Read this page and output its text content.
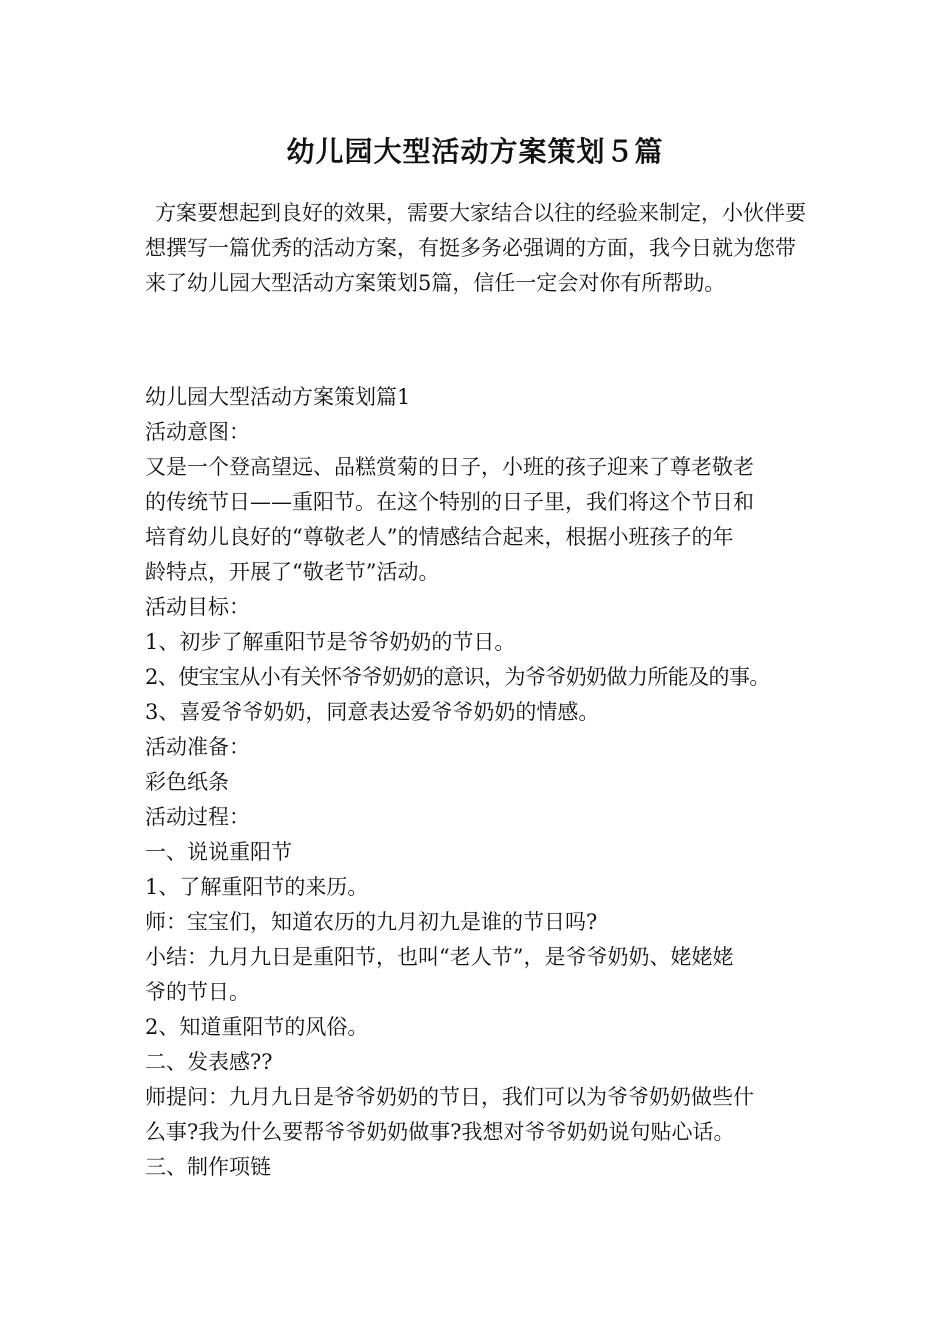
幼儿园大型活动方案策划５篇

方案要想起到良好的效果，需要大家结合以往的经验来制定，小伙伴要想撰写一篇优秀的活动方案，有挺多务必强调的方面，我今日就为您带来了幼儿园大型活动方案策划5篇，信任一定会对你有所帮助。

幼儿园大型活动方案策划篇1
活动意图：
又是一个登高望远、品糕赏菊的日子，小班的孩子迎来了尊老敬老
的传统节日——重阳节。在这个特别的日子里，我们将这个节日和
培育幼儿良好的“尊敬老人”的情感结合起来，根据小班孩子的年
龄特点，开展了“敬老节”活动。
活动目标：
1、初步了解重阳节是爷爷奶奶的节日。
2、使宝宝从小有关怀爷爷奶奶的意识，为爷爷奶奶做力所能及的事。
3、喜爱爷爷奶奶，同意表达爱爷爷奶奶的情感。
活动准备：
彩色纸条
活动过程：
一、说说重阳节
1、了解重阳节的来历。
师：宝宝们，知道农历的九月初九是谁的节日吗?
小结：九月九日是重阳节，也叫“老人节”，是爷爷奶奶、姥姥姥
爷的节日。
2、知道重阳节的风俗。
二、发表感??
师提问：九月九日是爷爷奶奶的节日，我们可以为爷爷奶奶做些什
么事?我为什么要帮爷爷奶奶做事?我想对爷爷奶奶说句贴心话。
三、制作项链
